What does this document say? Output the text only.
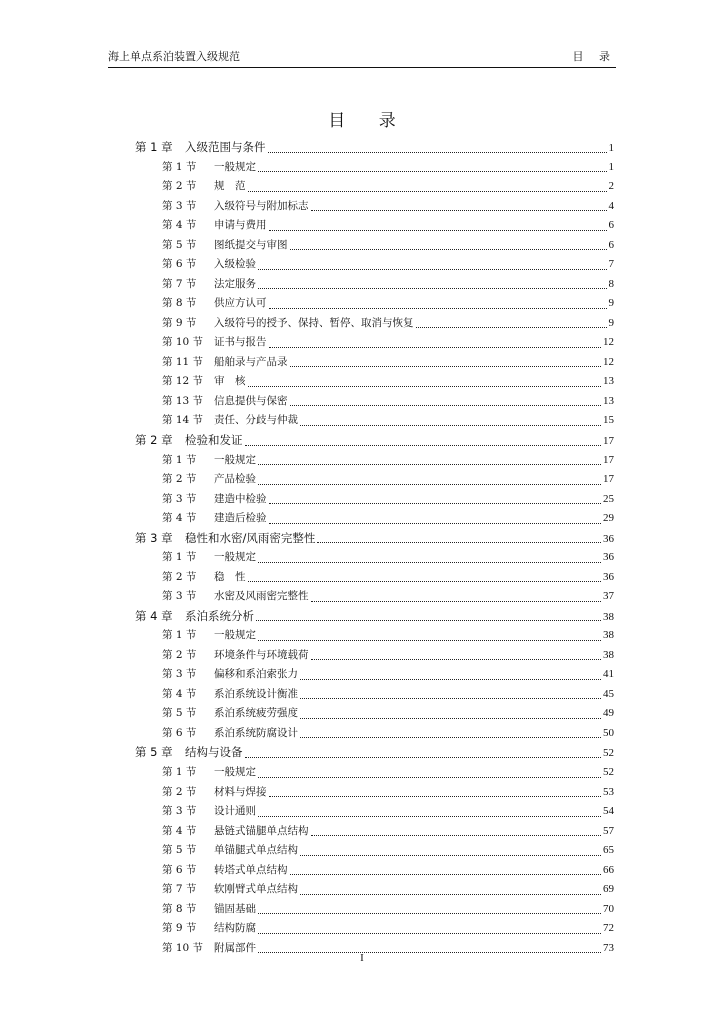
海上单点系泊装置入级规范	目 录
目 录
第 1 章 入级范围与条件	1
第 1 节 一般规定	1
第 2 节 规　范	2
第 3 节 入级符号与附加标志	4
第 4 节 申请与费用	6
第 5 节 图纸提交与审图	6
第 6 节 入级检验	7
第 7 节 法定服务	8
第 8 节 供应方认可	9
第 9 节 入级符号的授予、保持、暂停、取消与恢复	9
第 10 节 证书与报告	12
第 11 节 船舶录与产品录	12
第 12 节 审　核	13
第 13 节 信息提供与保密	13
第 14 节 责任、分歧与仲裁	15
第 2 章 检验和发证	17
第 1 节 一般规定	17
第 2 节 产品检验	17
第 3 节 建造中检验	25
第 4 节 建造后检验	29
第 3 章 稳性和水密/风雨密完整性	36
第 1 节 一般规定	36
第 2 节 稳　性	36
第 3 节 水密及风雨密完整性	37
第 4 章 系泊系统分析	38
第 1 节 一般规定	38
第 2 节 环境条件与环境载荷	38
第 3 节 偏移和系泊索张力	41
第 4 节 系泊系统设计衡准	45
第 5 节 系泊系统疲劳强度	49
第 6 节 系泊系统防腐设计	50
第 5 章 结构与设备	52
第 1 节 一般规定	52
第 2 节 材料与焊接	53
第 3 节 设计通则	54
第 4 节 悬链式锚腿单点结构	57
第 5 节 单锚腿式单点结构	65
第 6 节 转塔式单点结构	66
第 7 节 软刚臂式单点结构	69
第 8 节 锚固基础	70
第 9 节 结构防腐	72
第 10 节 附属部件	73
I
